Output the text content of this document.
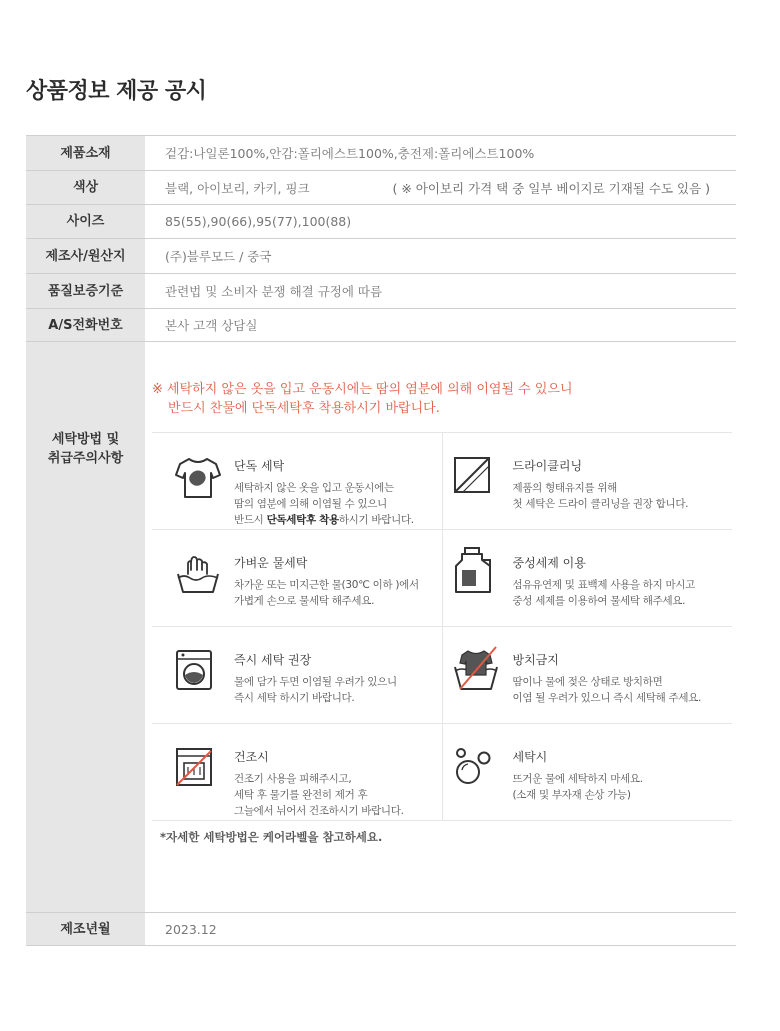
상품정보 제공 공시
제품소재	겉감:나일론100%,안감:폴리에스트100%,충전제:폴리에스트100%
색상	블랙, 아이보리, 카키, 핑크	( ※ 아이보리 가격 택 중 일부 베이지로 기재될 수도 있음 )
사이즈	85(55),90(66),95(77),100(88)
제조사/원산지	(주)블루모드 / 중국
품질보증기준	관련법 및 소비자 분쟁 해결 규정에 따름
A/S전화번호	본사 고객 상담실
세탁방법 및
취급주의사항
※ 세탁하지 않은 옷을 입고 운동시에는 땀의 염분에 의해 이염될 수 있으니
반드시 찬물에 단독세탁후 착용하시기 바랍니다.
단독 세탁
세탁하지 않은 옷을 입고 운동시에는
땀의 염분에 의해 이염될 수 있으니
반드시 단독세탁후 착용하시기 바랍니다.
드라이클리닝
제품의 형태유지를 위해
첫 세탁은 드라이 클리닝을 권장 합니다.
가벼운 물세탁
차가운 또는 미지근한 물(30℃ 이하 )에서
가볍게 손으로 물세탁 해주세요.
중성세제 이용
섬유유연제 및 표백제 사용을 하지 마시고
중성 세제를 이용하여 물세탁 해주세요.
즉시 세탁 권장
물에 담가 두면 이염될 우려가 있으니
즉시 세탁 하시기 바랍니다.
방치금지
땀이나 물에 젖은 상태로 방치하면
이염 될 우려가 있으니 즉시 세탁해 주세요.
건조시
건조기 사용을 피해주시고,
세탁 후 물기를 완전히 제거 후
그늘에서 뉘어서 건조하시기 바랍니다.
세탁시
뜨거운 물에 세탁하지 마세요.
(소재 및 부자재 손상 가능)
*자세한 세탁방법은 케어라벨을 참고하세요.
제조년월	2023.12
